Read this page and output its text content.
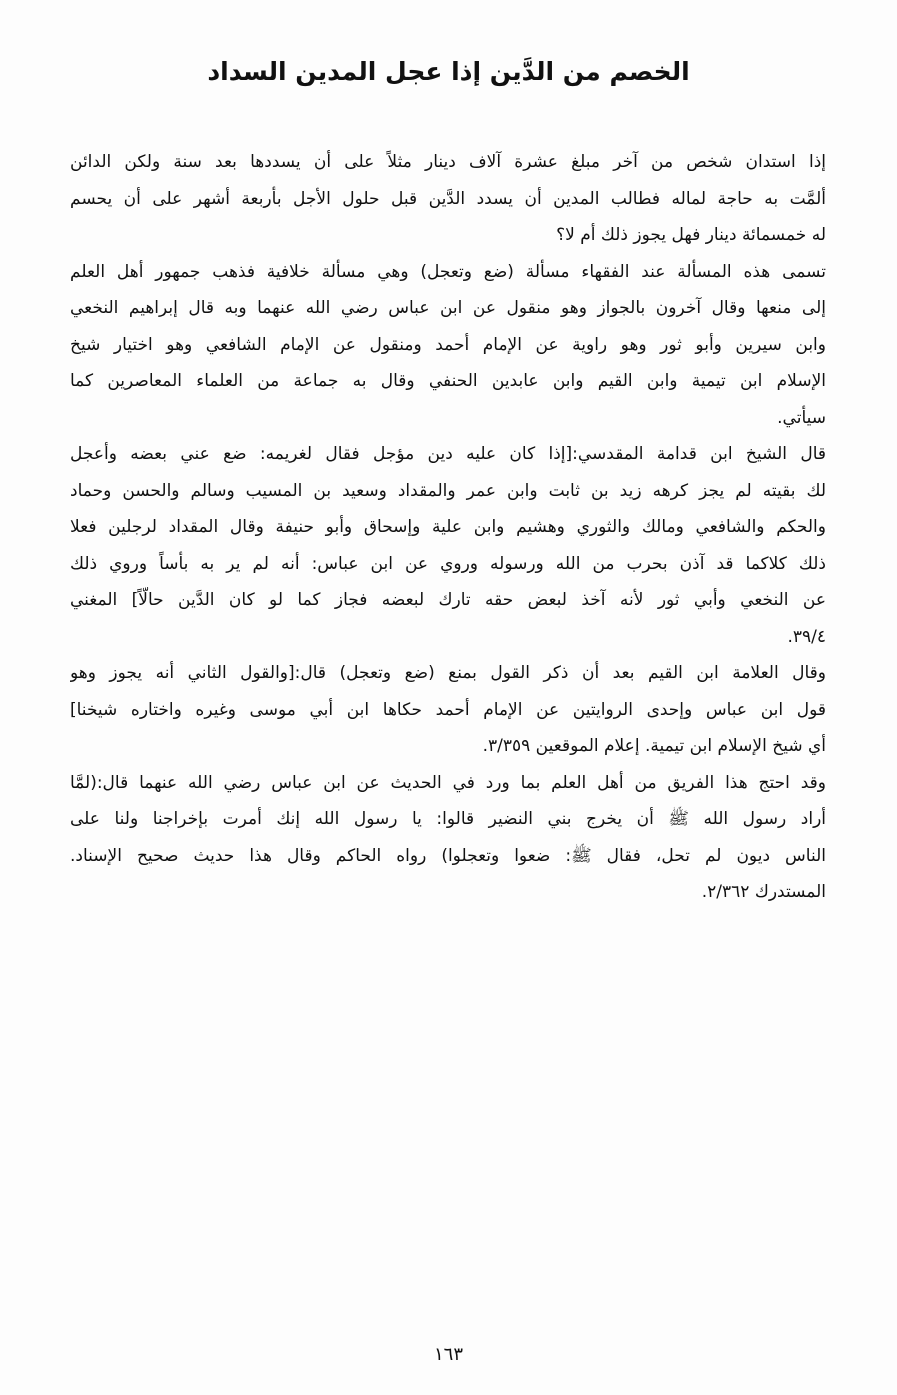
الخصم من الدَّين إذا عجل المدين السداد
إذا استدان شخص من آخر مبلغ عشرة آلاف دينار مثلاً على أن يسددها بعد سنة ولكن الدائن
ألمَّت به حاجة لماله فطالب المدين أن يسدد الدَّين قبل حلول الأجل بأربعة أشهر على أن يحسم
له خمسمائة دينار فهل يجوز ذلك أم لا؟
تسمى هذه المسألة عند الفقهاء مسألة (ضع وتعجل) وهي مسألة خلافية فذهب جمهور أهل العلم
إلى منعها وقال آخرون بالجواز وهو منقول عن ابن عباس رضي الله عنهما وبه قال إبراهيم النخعي
وابن سيرين وأبو ثور وهو راوية عن الإمام أحمد ومنقول عن الإمام الشافعي وهو اختيار شيخ
الإسلام ابن تيمية وابن القيم وابن عابدين الحنفي وقال به جماعة من العلماء المعاصرين كما
سيأتي.
قال الشيخ ابن قدامة المقدسي:[إذا كان عليه دين مؤجل فقال لغريمه: ضع عني بعضه وأعجل
لك بقيته لم يجز كرهه زيد بن ثابت وابن عمر والمقداد وسعيد بن المسيب وسالم والحسن وحماد
والحكم والشافعي ومالك والثوري وهشيم وابن علية وإسحاق وأبو حنيفة وقال المقداد لرجلين فعلا
ذلك كلاكما قد آذن بحرب من الله ورسوله وروي عن ابن عباس: أنه لم ير به بأساً وروي ذلك
عن النخعي وأبي ثور لأنه آخذ لبعض حقه تارك لبعضه فجاز كما لو كان الدَّين حالّاً] المغني
٣٩/٤.
وقال العلامة ابن القيم بعد أن ذكر القول بمنع (ضع وتعجل) قال:[والقول الثاني أنه يجوز وهو
قول ابن عباس وإحدى الروايتين عن الإمام أحمد حكاها ابن أبي موسى وغيره واختاره شيخنا]
أي شيخ الإسلام ابن تيمية. إعلام الموقعين ٣/٣٥٩.
وقد احتج هذا الفريق من أهل العلم بما ورد في الحديث عن ابن عباس رضي الله عنهما قال:(لمَّا
أراد رسول الله ﷺ أن يخرج بني النضير قالوا: يا رسول الله إنك أمرت بإخراجنا ولنا على
الناس ديون لم تحل، فقال ﷺ: ضعوا وتعجلوا) رواه الحاكم وقال هذا حديث صحيح الإسناد.
المستدرك ٢/٣٦٢.
١٦٣
